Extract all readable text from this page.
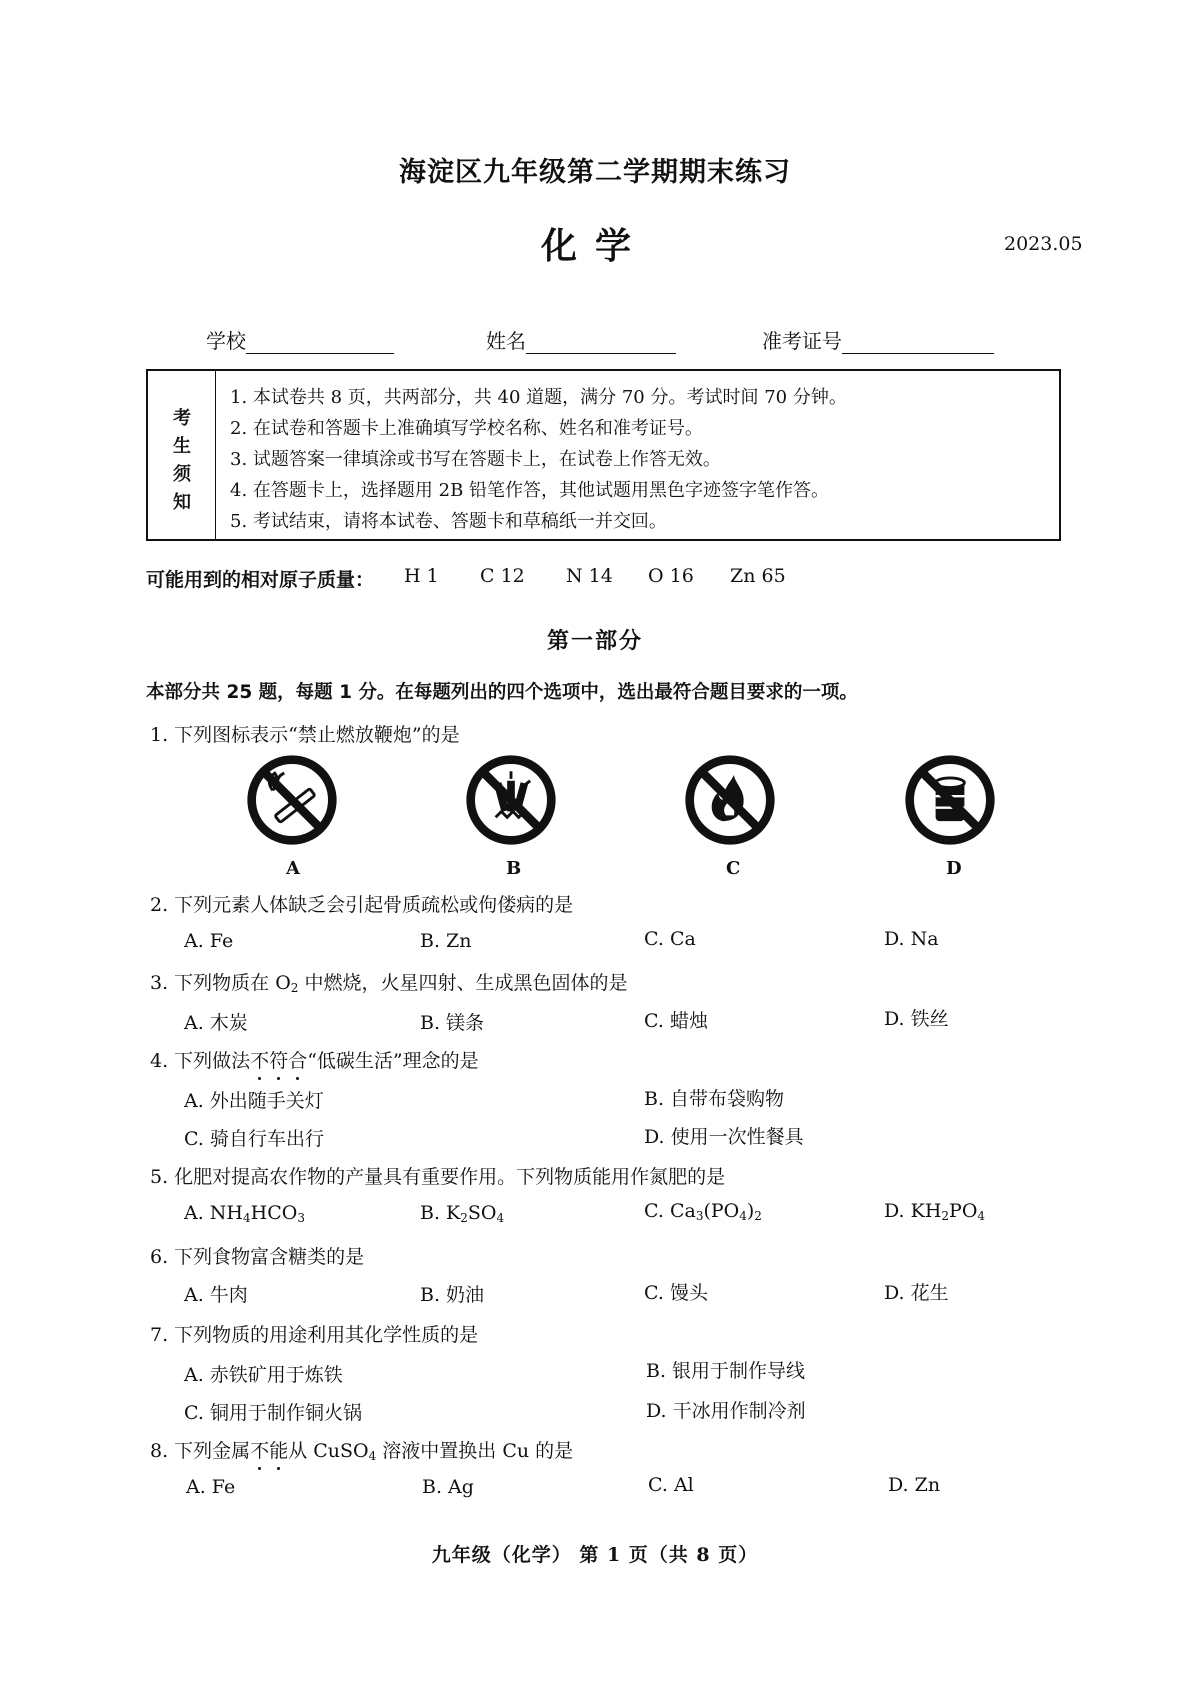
海淀区九年级第二学期期末练习
化学	2023.05
学校	姓名	准考证号
考
生
须
知
1. 本试卷共 8 页，共两部分，共 40 道题，满分 70 分。考试时间 70 分钟。
2. 在试卷和答题卡上准确填写学校名称、姓名和准考证号。
3. 试题答案一律填涂或书写在答题卡上，在试卷上作答无效。
4. 在答题卡上，选择题用 2B 铅笔作答，其他试题用黑色字迹签字笔作答。
5. 考试结束，请将本试卷、答题卡和草稿纸一并交回。
可能用到的相对原子质量： H 1 C 12 N 14 O 16 Zn 65
第一部分
本部分共 25 题，每题 1 分。在每题列出的四个选项中，选出最符合题目要求的一项。
1. 下列图标表示“禁止燃放鞭炮”的是
A	B	C	D
2. 下列元素人体缺乏会引起骨质疏松或佝偻病的是
A. Fe	B. Zn	C. Ca	D. Na
3. 下列物质在 $O_2$ 中燃烧，火星四射、生成黑色固体的是
A. 木炭	B. 镁条	C. 蜡烛	D. 铁丝
4. 下列做法不符合“低碳生活”理念的是
A. 外出随手关灯	B. 自带布袋购物
C. 骑自行车出行	D. 使用一次性餐具
5. 化肥对提高农作物的产量具有重要作用。下列物质能用作氮肥的是
A. $NH_4HCO_3$	B. $K_2SO_4$	C. $Ca_3(PO_4)_2$	D. $KH_2PO_4$
6. 下列食物富含糖类的是
A. 牛肉	B. 奶油	C. 馒头	D. 花生
7. 下列物质的用途利用其化学性质的是
A. 赤铁矿用于炼铁	B. 银用于制作导线
C. 铜用于制作铜火锅	D. 干冰用作制冷剂
8. 下列金属不能从 CuSO$_4$ 溶液中置换出 Cu 的是
A. Fe	B. Ag	C. Al	D. Zn
九年级（化学） 第 1 页（共 8 页）
